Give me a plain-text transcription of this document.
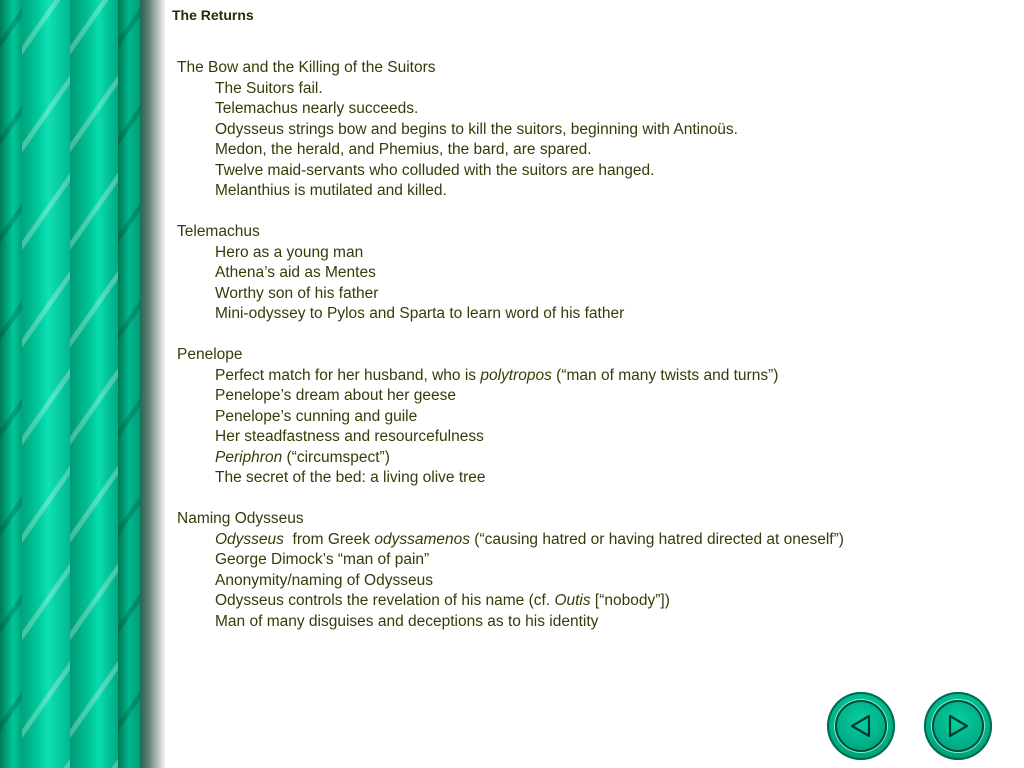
The Returns
The Bow and the Killing of the Suitors
The Suitors fail.
Telemachus nearly succeeds.
Odysseus strings bow and begins to kill the suitors, beginning with Antinoüs.
Medon, the herald, and Phemius, the bard, are spared.
Twelve maid-servants who colluded with the suitors are hanged.
Melanthius is mutilated and killed.
Telemachus
Hero as a young man
Athena’s aid as Mentes
Worthy son of his father
Mini-odyssey to Pylos and Sparta to learn word of his father
Penelope
Perfect match for her husband, who is polytropos (“man of many twists and turns”)
Penelope’s dream about her geese
Penelope’s cunning and guile
Her steadfastness and resourcefulness
Periphron (“circumspect”)
The secret of the bed: a living olive tree
Naming Odysseus
Odysseus  from Greek odyssamenos (“causing hatred or having hatred directed at oneself”)
George Dimock’s “man of pain”
Anonymity/naming of Odysseus
Odysseus controls the revelation of his name (cf. Outis [“nobody”])
Man of many disguises and deceptions as to his identity
